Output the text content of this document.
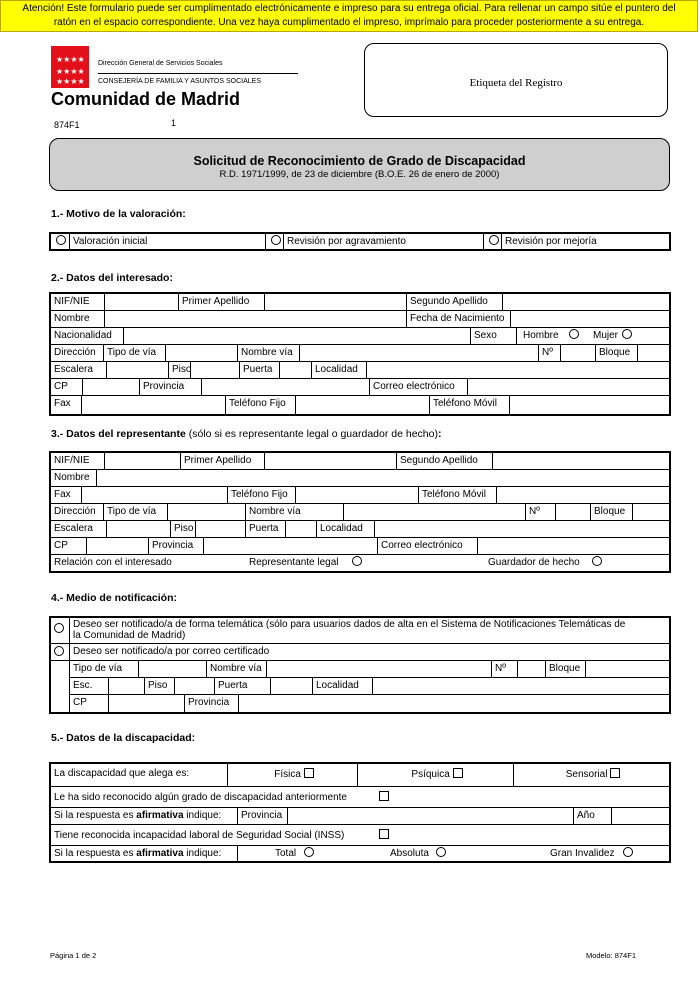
Atención! Este formulario puede ser cumplimentado electrónicamente e impreso para su entrega oficial. Para rellenar un campo sitúe el puntero del
ratón en el espacio correspondiente. Una vez haya cumplimentado el impreso, imprímalo para proceder posteriormente a su entrega.
★★★★
★★★★
★★★★
Dirección General de Servicios Sociales
CONSEJERÍA DE FAMILIA Y ASUNTOS SOCIALES
Comunidad de Madrid
874F1	1
Etiqueta del Registro
Solicitud de Reconocimiento de Grado de Discapacidad
R.D. 1971/1999, de 23 de diciembre (B.O.E. 26 de enero de 2000)
1.- Motivo de la valoración:
Valoración inicial	Revisión por agravamiento	Revisión por mejoría
2.- Datos del interesado:
NIF/NIE	Primer Apellido	Segundo Apellido
Nombre	Fecha de Nacimiento
Nacionalidad	Sexo	Hombre	Mujer
Dirección	Tipo de vía	Nombre vía	Nº	Bloque
Escalera	Piso	Puerta	Localidad
CP	Provincia	Correo electrónico
Fax	Teléfono Fijo	Teléfono Móvil
3.- Datos del representante (sólo si es representante legal o guardador de hecho):
NIF/NIE	Primer Apellido	Segundo Apellido
Nombre
Fax	Teléfono Fijo	Teléfono Móvil
Dirección	Tipo de vía	Nombre vía	Nº	Bloque
Escalera	Piso	Puerta	Localidad
CP	Provincia	Correo electrónico
Relación con el interesado	Representante legal	Guardador de hecho
4.- Medio de notificación:
Deseo ser notificado/a de forma telemática (sólo para usuarios dados de alta en el Sistema de Notificaciones Telemáticas de
la Comunidad de Madrid)
Deseo ser notificado/a por correo certificado
Tipo de vía	Nombre vía	Nº	Bloque
Esc.	Piso	Puerta	Localidad
CP	Provincia
5.- Datos de la discapacidad:
La discapacidad que alega es:	Física	Psíquica	Sensorial
Le ha sido reconocido algún grado de discapacidad anteriormente
Si la respuesta es afirmativa indique:	Provincia	Año
Tiene reconocida incapacidad laboral de Seguridad Social (INSS)
Si la respuesta es afirmativa indique:	Total	Absoluta	Gran Invalidez
Página 1 de 2	Modelo: 874F1
